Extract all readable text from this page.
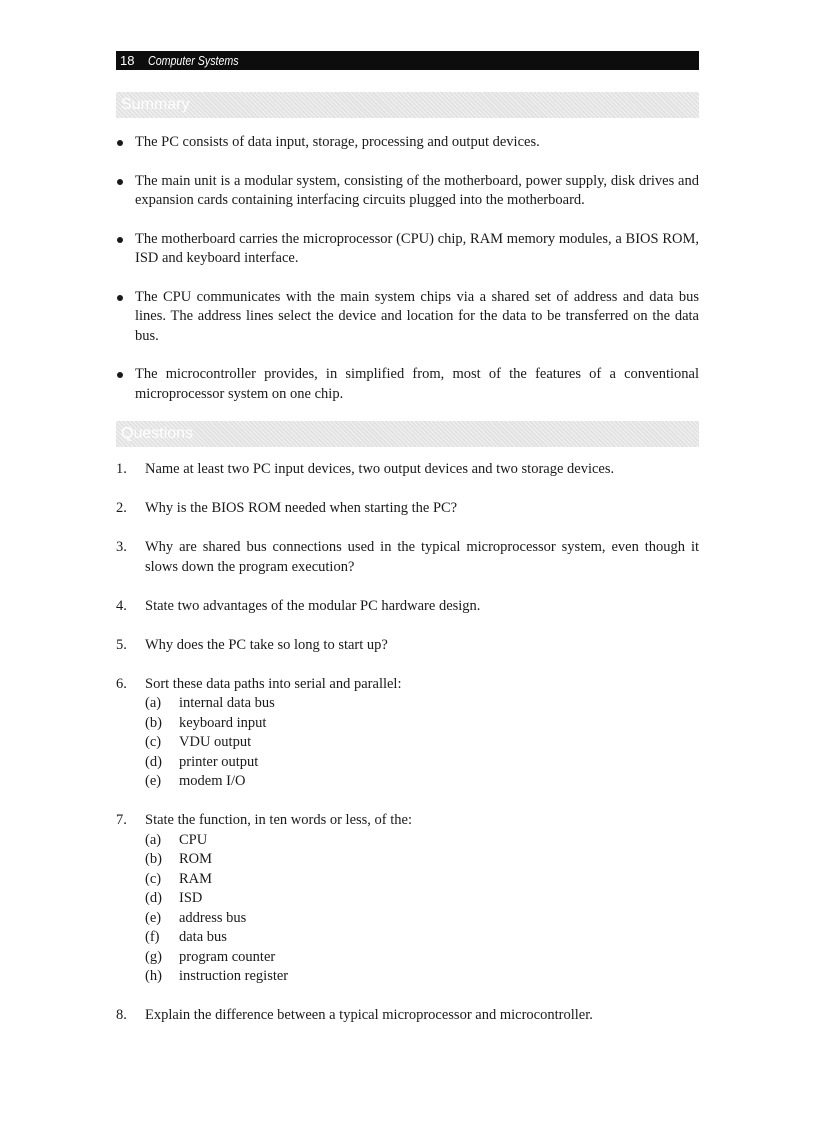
18	Computer Systems
Summary
The PC consists of data input, storage, processing and output devices.
The main unit is a modular system, consisting of the motherboard, power supply, disk drives and expansion cards containing interfacing circuits plugged into the motherboard.
The motherboard carries the microprocessor (CPU) chip, RAM memory modules, a BIOS ROM, ISD and keyboard interface.
The CPU communicates with the main system chips via a shared set of address and data bus lines. The address lines select the device and location for the data to be transferred on the data bus.
The microcontroller provides, in simplified from, most of the features of a conventional microprocessor system on one chip.
Questions
1. Name at least two PC input devices, two output devices and two storage devices.
2. Why is the BIOS ROM needed when starting the PC?
3. Why are shared bus connections used in the typical microprocessor system, even though it slows down the program execution?
4. State two advantages of the modular PC hardware design.
5. Why does the PC take so long to start up?
6. Sort these data paths into serial and parallel:
(a) internal data bus
(b) keyboard input
(c) VDU output
(d) printer output
(e) modem I/O
7. State the function, in ten words or less, of the:
(a) CPU
(b) ROM
(c) RAM
(d) ISD
(e) address bus
(f) data bus
(g) program counter
(h) instruction register
8. Explain the difference between a typical microprocessor and microcontroller.
